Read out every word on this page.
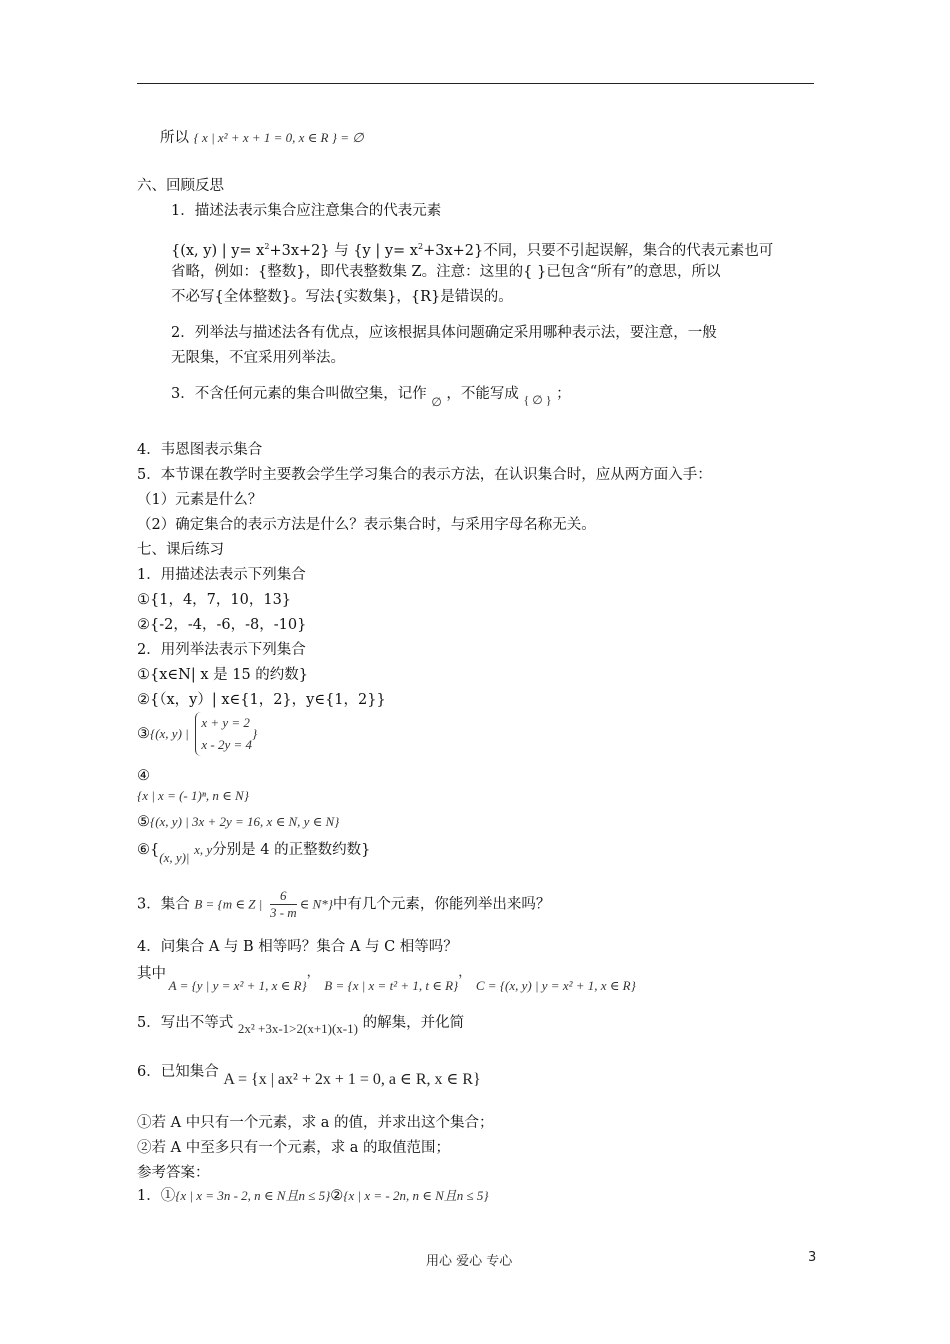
所以 { x | x² + x + 1 = 0, x ∈ R } = ∅
六、回顾反思
1．描述法表示集合应注意集合的代表元素
{(x, y) | $y= x^2+3x+2$} 与 {y | $y= x^2+3x+2$}不同，只要不引起误解，集合的代表元素也可
省略，例如：{整数}，即代表整数集 Z。注意：这里的{ }已包含“所有”的意思，所以
不必写{全体整数}。写法{实数集}，{R}是错误的。
2．列举法与描述法各有优点，应该根据具体问题确定采用哪种表示法，要注意，一般
无限集，不宜采用列举法。
3．不含任何元素的集合叫做空集，记作 $_\emptyset$ ，不能写成 $_{\{ \emptyset \}}$ ；
4．韦恩图表示集合
5．本节课在教学时主要教会学生学习集合的表示方法，在认识集合时，应从两方面入手：
（1）元素是什么？
（2）确定集合的表示方法是什么？表示集合时，与采用字母名称无关。
七、课后练习
1．用描述法表示下列集合
①{1，4，7，10，13}
②{-2，-4，-6，-8，-10}
2．用列举法表示下列集合
①{x∈N| x 是 15 的约数}
②{（x，y）| x∈{1，2}，y∈{1，2}}
③{(x, y) |
x + y = 2
x - 2y = 4
}
④
{x | x = (- 1)ⁿ, n ∈ N}
⑤{(x, y) | 3x + 2y = 16, x ∈ N, y ∈ N}
⑥{(x, y)| x, y分别是 4 的正整数约数}
3．集合 B = {m ∈ Z | $\frac{6}{3 - m}$ ∈ N*}中有几个元素，你能列举出来吗？
4．问集合 A 与 B 相等吗？集合 A 与 C 相等吗？
其中 A = {y | y = x² + 1, x ∈ R}， B = {x | x = t² + 1, t ∈ R}， C = {(x, y) | y = x² + 1, x ∈ R}
5．写出不等式 2x² +3x-1>2(x+1)(x-1) 的解集，并化简
6．已知集合 A = {x | ax² + 2x + 1 = 0, a ∈ R, x ∈ R}
①若 A 中只有一个元素，求 a 的值，并求出这个集合；
②若 A 中至多只有一个元素，求 a 的取值范围；
参考答案：
1．①{x | x = 3n - 2, n ∈ N且n ≤ 5}②{x | x = - 2n, n ∈ N且n ≤ 5}
用心 爱心 专心	3
